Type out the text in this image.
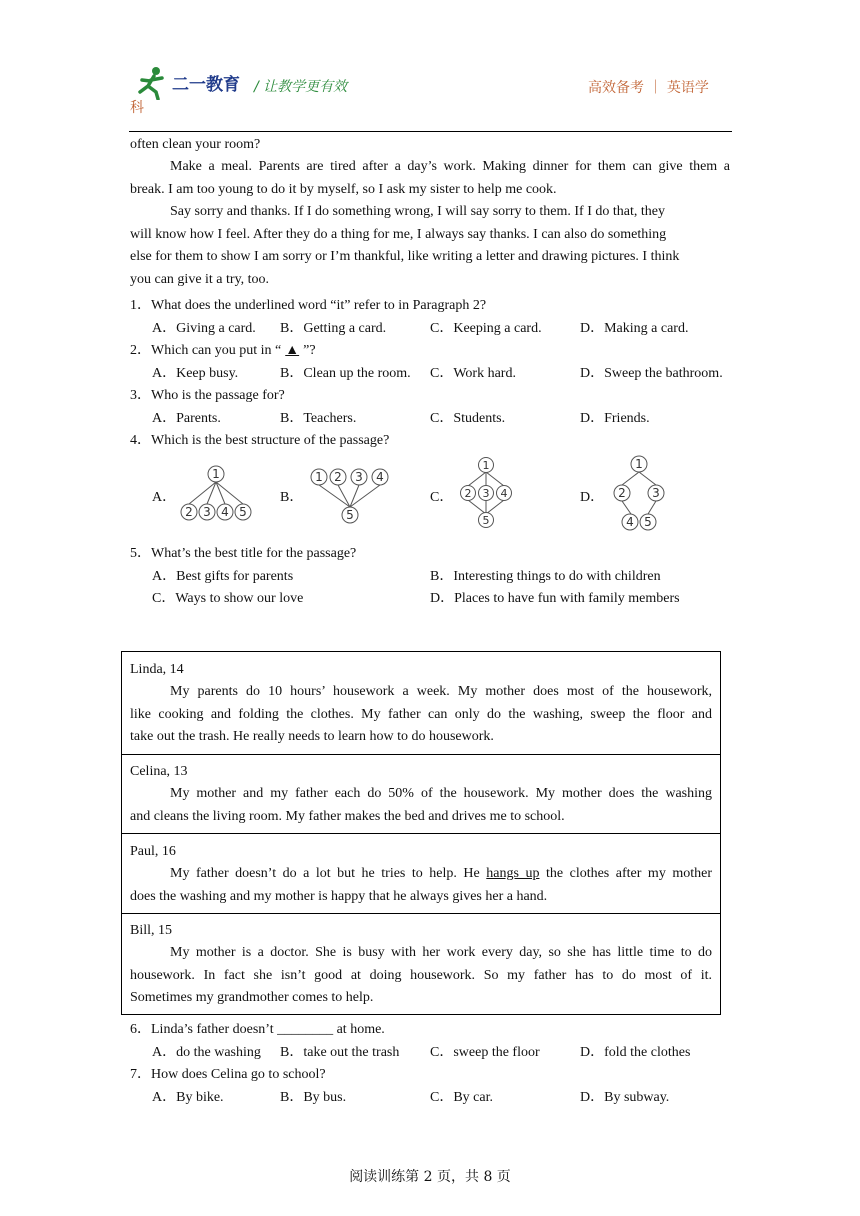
二一教育 / 让教学更有效	高效备考 ｜ 英语学
科
often clean your room?
Make a meal. Parents are tired after a day’s work. Making dinner for them can give them a
break. I am too young to do it by myself, so I ask my sister to help me cook.
Say sorry and thanks. If I do something wrong, I will say sorry to them. If I do that, they
will know how I feel. After they do a thing for me, I always say thanks. I can also do something
else for them to show I am sorry or I’m thankful, like writing a letter and drawing pictures. I think
you can give it a try, too.
1．What does the underlined word “it” refer to in Paragraph 2?
A．Giving a card. B．Getting a card.	C．Keeping a card.	D．Making a card.
2．Which can you put in “ ▲ ”?
A．Keep busy.	B．Clean up the room. C．Work hard.	D．Sweep the bathroom.
3．Who is the passage for?
A．Parents.	B．Teachers.	C．Students.	D．Friends.
4．Which is the best structure of the passage?
A．	B．	C．	D．
1
2 3 4 5
1 2 3 4
5
1
2 3 4
5
1
2 3
4 5
5．What’s the best title for the passage?
A．Best gifts for parents	B．Interesting things to do with children
C．Ways to show our love	D．Places to have fun with family members
Linda, 14
My parents do 10 hours’ housework a week. My mother does most of the housework,
like cooking and folding the clothes. My father can only do the washing, sweep the floor and
take out the trash. He really needs to learn how to do housework.
Celina, 13
My mother and my father each do 50% of the housework. My mother does the washing
and cleans the living room. My father makes the bed and drives me to school.
Paul, 16
My father doesn’t do a lot but he tries to help. He hangs up the clothes after my mother
does the washing and my mother is happy that he always gives her a hand.
Bill, 15
My mother is a doctor. She is busy with her work every day, so she has little time to do
housework. In fact she isn’t good at doing housework. So my father has to do most of it.
Sometimes my grandmother comes to help.
6．Linda’s father doesn’t ________ at home.
A．do the washing B．take out the trash C．sweep the floor	D．fold the clothes
7．How does Celina go to school?
A．By bike.	B．By bus.	C．By car.	D．By subway.
阅读训练第 2 页，共 8 页
